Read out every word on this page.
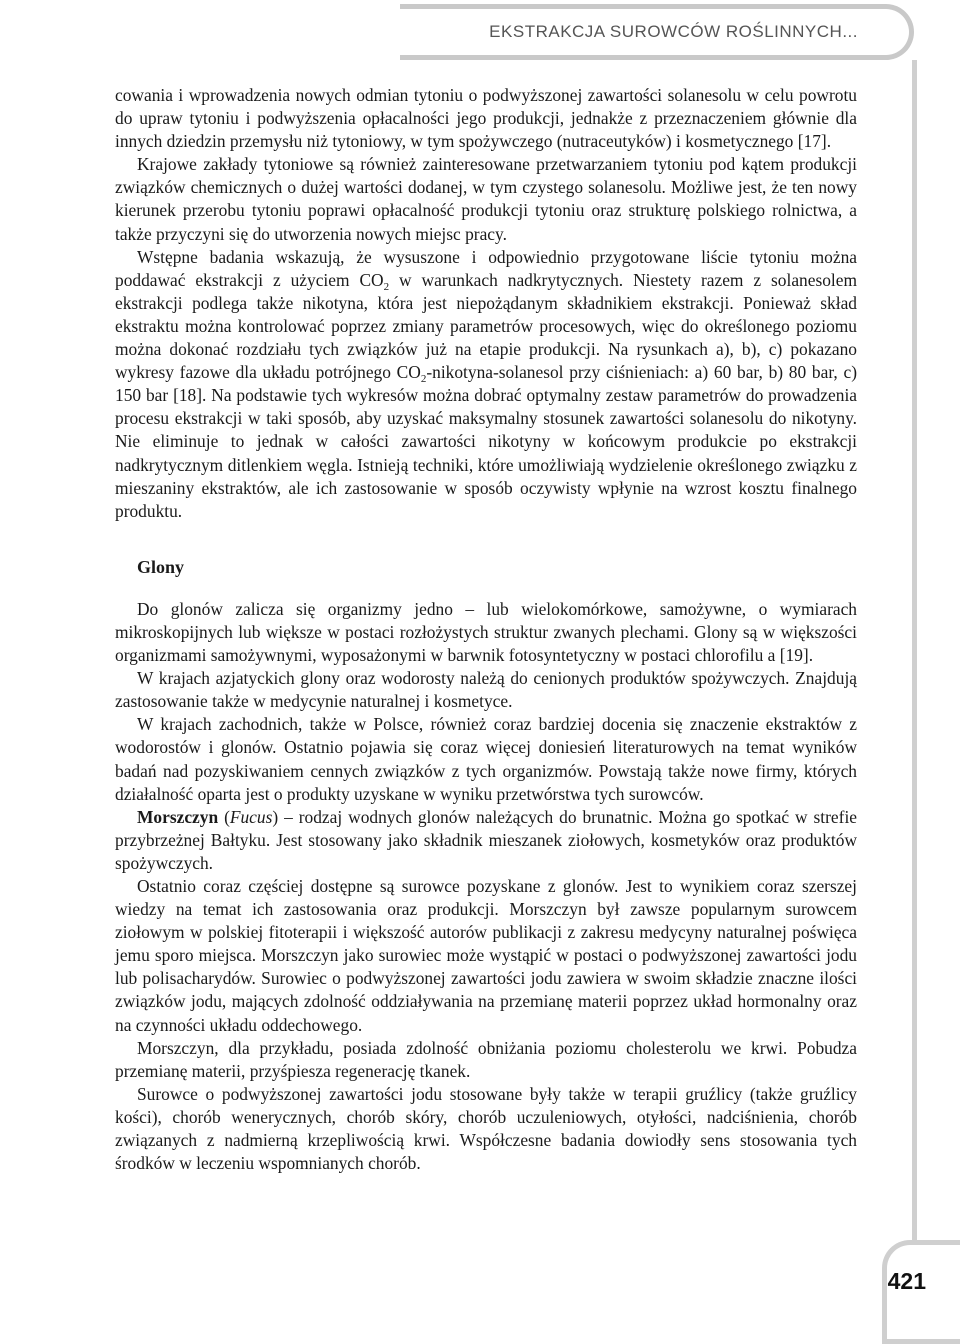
EKSTRAKCJA SUROWCÓW ROŚLINNYCH...
421

cowania i wprowadzenia nowych odmian tytoniu o podwyższonej zawartości solanesolu w celu powrotu do upraw tytoniu i podwyższenia opłacalności jego produkcji, jednakże z przeznaczeniem głównie dla innych dziedzin przemysłu niż tytoniowy, w tym spożywczego (nutraceutyków) i kosmetycznego [17].

Krajowe zakłady tytoniowe są również zainteresowane przetwarzaniem tytoniu pod kątem produkcji związków chemicznych o dużej wartości dodanej, w tym czystego solanesolu. Możliwe jest, że ten nowy kierunek przerobu tytoniu poprawi opłacalność produkcji tytoniu oraz strukturę polskiego rolnictwa, a także przyczyni się do utworzenia nowych miejsc pracy.

Wstępne badania wskazują, że wysuszone i odpowiednio przygotowane liście tytoniu można poddawać ekstrakcji z użyciem $CO_2$ w warunkach nadkrytycznych. Niestety razem z solanesolem ekstrakcji podlega także nikotyna, która jest niepożądanym składnikiem ekstrakcji. Ponieważ skład ekstraktu można kontrolować poprzez zmiany parametrów procesowych, więc do określonego poziomu można dokonać rozdziału tych związków już na etapie produkcji. Na rysunkach a), b), c) pokazano wykresy fazowe dla układu potrójnego $CO_2-nikotyna$-solanesol przy ciśnieniach: a) 60 bar, b) 80 bar, c) 150 bar [18]. Na podstawie tych wykresów można dobrać optymalny zestaw parametrów do prowadzenia procesu ekstrakcji w taki sposób, aby uzyskać maksymalny stosunek zawartości solanesolu do nikotyny. Nie eliminuje to jednak w całości zawartości nikotyny w końcowym produkcie po ekstrakcji nadkrytycznym ditlenkiem węgla. Istnieją techniki, które umożliwiają wydzielenie określonego związku z mieszaniny ekstraktów, ale ich zastosowanie w sposób oczywisty wpłynie na wzrost kosztu finalnego produktu.

Glony

Do glonów zalicza się organizmy jedno – lub wielokomórkowe, samożywne, o wymiarach mikroskopijnych lub większe w postaci rozłożystych struktur zwanych plechami. Glony są w większości organizmami samożywnymi, wyposażonymi w barwnik fotosyntetyczny w postaci chlorofilu a [19].

W krajach azjatyckich glony oraz wodorosty należą do cenionych produktów spożywczych. Znajdują zastosowanie także w medycynie naturalnej i kosmetyce.

W krajach zachodnich, także w Polsce, również coraz bardziej docenia się znaczenie ekstraktów z wodorostów i glonów. Ostatnio pojawia się coraz więcej doniesień literaturowych na temat wyników badań nad pozyskiwaniem cennych związków z tych organizmów. Powstają także nowe firmy, których działalność oparta jest o produkty uzyskane w wyniku przetwórstwa tych surowców.

Morszczyn (Fucus) – rodzaj wodnych glonów należących do brunatnic. Można go spotkać w strefie przybrzeżnej Bałtyku. Jest stosowany jako składnik mieszanek ziołowych, kosmetyków oraz produktów spożywczych.

Ostatnio coraz częściej dostępne są surowce pozyskane z glonów. Jest to wynikiem coraz szerszej wiedzy na temat ich zastosowania oraz produkcji. Morszczyn był zawsze popularnym surowcem ziołowym w polskiej fitoterapii i większość autorów publikacji z zakresu medycyny naturalnej poświęca jemu sporo miejsca. Morszczyn jako surowiec może wystąpić w postaci o podwyższonej zawartości jodu lub polisacharydów. Surowiec o podwyższonej zawartości jodu zawiera w swoim składzie znaczne ilości związków jodu, mających zdolność oddziaływania na przemianę materii poprzez układ hormonalny oraz na czynności układu oddechowego.

Morszczyn, dla przykładu, posiada zdolność obniżania poziomu cholesterolu we krwi. Pobudza przemianę materii, przyśpiesza regenerację tkanek.

Surowce o podwyższonej zawartości jodu stosowane były także w terapii gruźlicy (także gruźlicy kości), chorób wenerycznych, chorób skóry, chorób uczuleniowych, otyłości, nadciśnienia, chorób związanych z nadmierną krzepliwością krwi. Współczesne badania dowiodły sens stosowania tych środków w leczeniu wspomnianych chorób.
